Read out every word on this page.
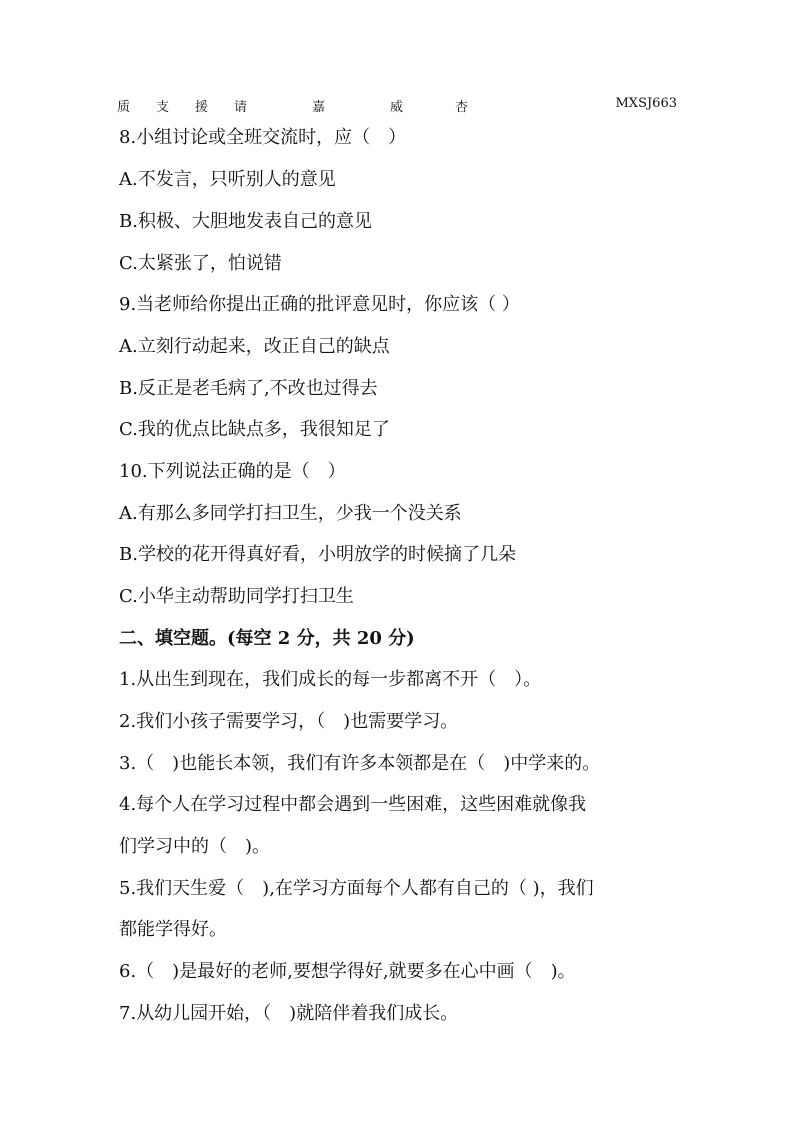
质　　支　　援　　请　　　　　嘉　　　　　威　　　　杏	MXSJ663
8.小组讨论或全班交流时，应（　）
A.不发言，只听别人的意见
B.积极、大胆地发表自己的意见
C.太紧张了，怕说错
9.当老师给你提出正确的批评意见时，你应该（ ）
A.立刻行动起来，改正自己的缺点
B.反正是老毛病了,不改也过得去
C.我的优点比缺点多，我很知足了
10.下列说法正确的是（　）
A.有那么多同学打扫卫生，少我一个没关系
B.学校的花开得真好看，小明放学的时候摘了几朵
C.小华主动帮助同学打扫卫生
二、填空题。(每空 2 分，共 20 分)
1.从出生到现在，我们成长的每一步都离不开（　）。
2.我们小孩子需要学习，（　)也需要学习。
3.（　)也能长本领，我们有许多本领都是在（　)中学来的。
4.每个人在学习过程中都会遇到一些困难，这些困难就像我
们学习中的（　)。
5.我们天生爱（　),在学习方面每个人都有自己的（ )，我们
都能学得好。
6.（　)是最好的老师,要想学得好,就要多在心中画（　)。
7.从幼儿园开始，（　)就陪伴着我们成长。
